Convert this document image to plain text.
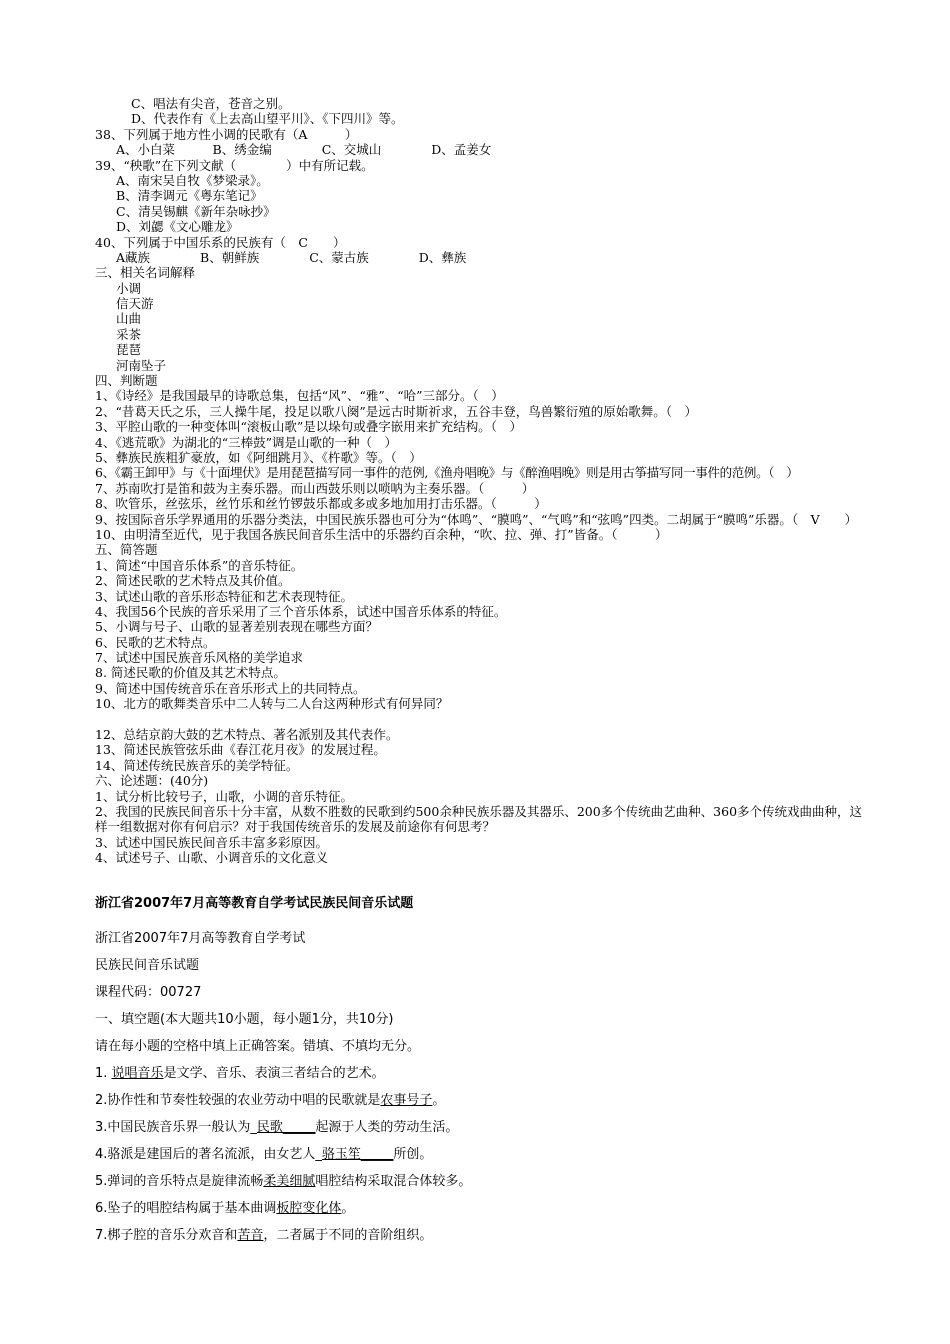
C、唱法有尖音，苍音之别。
D、代表作有《上去高山望平川》、《下四川》等。
38、下列属于地方性小调的民歌有（A　　　）
A、小白菜　　　B、绣金编　　　　C、交城山　　　　D、孟姜女
39、“秧歌”在下列文献（　　　　）中有所记载。
A、南宋吴自牧《梦梁录》。
B、清李调元《粤东笔记》
C、清吴锡麒《新年杂咏抄》
D、刘勰《文心雕龙》
40、下列属于中国乐系的民族有（　C　　）
A藏族　　　　B、朝鲜族　　　　C、蒙古族　　　　D、彝族
三、相关名词解释
小调
信天游
山曲
采茶
琵琶
河南坠子
四、判断题
1、《诗经》是我国最早的诗歌总集，包括“风”、“雅”、“哈”三部分。（　）
2、“昔葛天氏之乐，三人操牛尾，投足以歌八阕”是远古时斯祈求，五谷丰登，鸟兽繁衍殖的原始歌舞。（　）
3、平腔山歌的一种变体叫“滚板山歌”是以垛句或叠字嵌用来扩充结构。（　）
4、《逃荒歌》为湖北的“三棒鼓”调是山歌的一种（　）
5、彝族民族粗犷豪放，如《阿细跳月》、《杵歌》等。（　）
6、《霸王卸甲》与《十面埋伏》是用琵琶描写同一事件的范例,《渔舟唱晚》与《醉渔唱晚》则是用古筝描写同一事件的范例。（　）
7、苏南吹打是笛和鼓为主奏乐器。而山西鼓乐则以唢呐为主奏乐器。（　　　）
8、吹管乐，丝弦乐，丝竹乐和丝竹锣鼓乐都或多或多地加用打击乐器。（　　　）
9、按国际音乐学界通用的乐器分类法，中国民族乐器也可分为“体鸣”、“膜鸣”、“气鸣”和“弦鸣”四类。二胡属于“膜鸣”乐器。（　V　　）
10、由明清至近代，见于我国各族民间音乐生活中的乐器约百余种，“吹、拉、弹、打”皆备。（　　　）
五、简答题
1、简述“中国音乐体系”的音乐特征。
2、简述民歌的艺术特点及其价值。
3、试述山歌的音乐形态特征和艺术表现特征。
4、我国56个民族的音乐采用了三个音乐体系，试述中国音乐体系的特征。
5、小调与号子、山歌的显著差别表现在哪些方面？
6、民歌的艺术特点。
7、试述中国民族音乐风格的美学追求
8. 简述民歌的价值及其艺术特点。
9、简述中国传统音乐在音乐形式上的共同特点。
10、北方的歌舞类音乐中二人转与二人台这两种形式有何异同？
12、总结京韵大鼓的艺术特点、著名派别及其代表作。
13、简述民族管弦乐曲《春江花月夜》的发展过程。
14、简述传统民族音乐的美学特征。
六、论述题：(40分)
1、试分析比较号子，山歌，小调的音乐特征。
2、我国的民族民间音乐十分丰富，从数不胜数的民歌到约500余种民族乐器及其器乐、200多个传统曲艺曲种、360多个传统戏曲曲种，这样一组数据对你有何启示？对于我国传统音乐的发展及前途你有何思考？
3、试述中国民族民间音乐丰富多彩原因。
4、试述号子、山歌、小调音乐的文化意义
浙江省2007年7月高等教育自学考试民族民间音乐试题
浙江省2007年7月高等教育自学考试
民族民间音乐试题
课程代码：00727
一、填空题(本大题共10小题，每小题1分，共10分)
请在每小题的空格中填上正确答案。错填、不填均无分。
1. 说唱音乐是文学、音乐、表演三者结合的艺术。
2.协作性和节奏性较强的农业劳动中唱的民歌就是农事号子。
3.中国民族音乐界一般认为_民歌_____起源于人类的劳动生活。
4.骆派是建国后的著名流派，由女艺人_骆玉笙_____所创。
5.弹词的音乐特点是旋律流畅柔美细腻唱腔结构采取混合体较多。
6.坠子的唱腔结构属于基本曲调板腔变化体。
7.梆子腔的音乐分欢音和苦音，二者属于不同的音阶组织。
